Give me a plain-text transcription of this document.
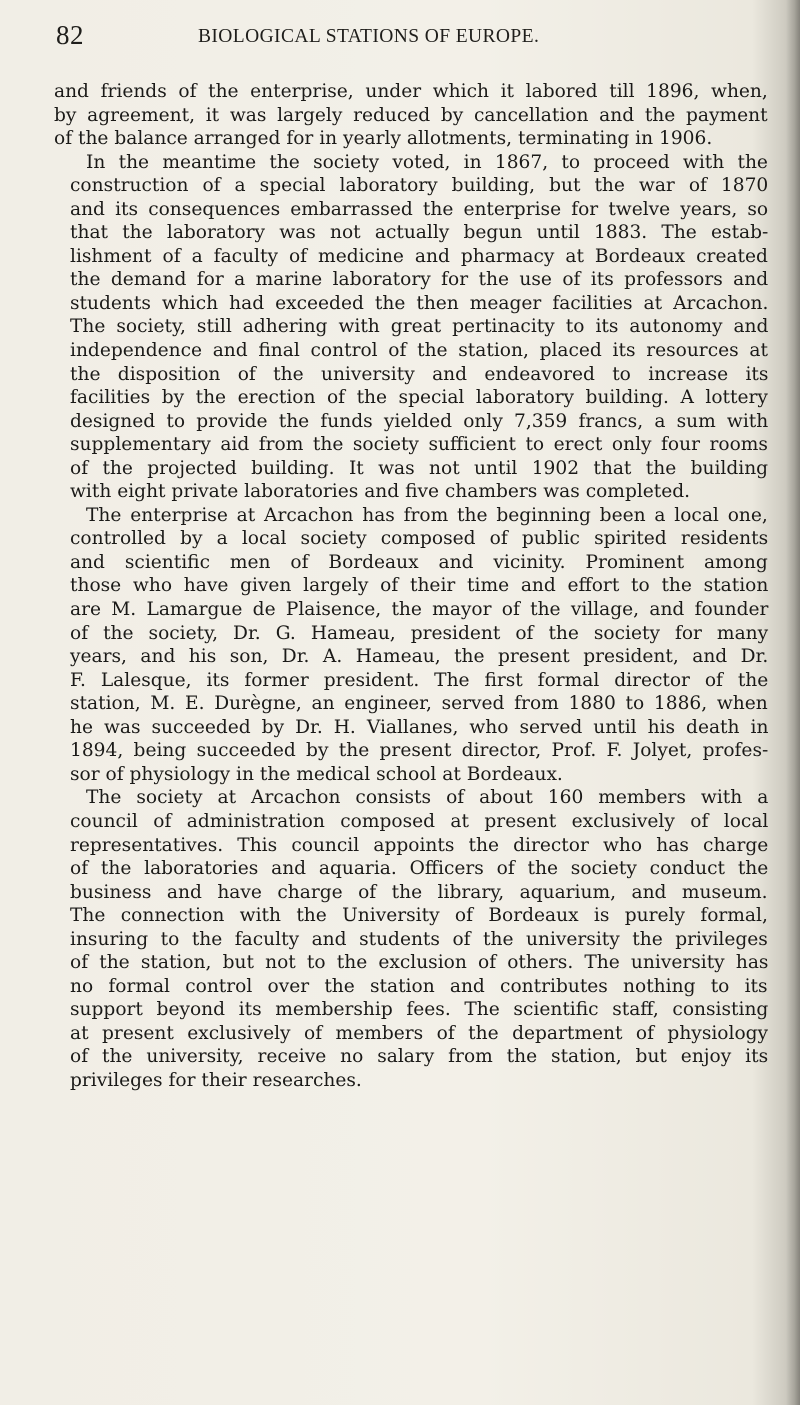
82	BIOLOGICAL STATIONS OF EUROPE.

and friends of the enterprise, under which it labored till 1896, when,
by agreement, it was largely reduced by cancellation and the payment
of the balance arranged for in yearly allotments, terminating in 1906.

In the meantime the society voted, in 1867, to proceed with the
construction of a special laboratory building, but the war of 1870
and its consequences embarrassed the enterprise for twelve years, so
that the laboratory was not actually begun until 1883. The estab-
lishment of a faculty of medicine and pharmacy at Bordeaux created
the demand for a marine laboratory for the use of its professors and
students which had exceeded the then meager facilities at Arcachon.
The society, still adhering with great pertinacity to its autonomy and
independence and final control of the station, placed its resources at
the disposition of the university and endeavored to increase its
facilities by the erection of the special laboratory building. A lottery
designed to provide the funds yielded only 7,359 francs, a sum with
supplementary aid from the society sufficient to erect only four rooms
of the projected building. It was not until 1902 that the building
with eight private laboratories and five chambers was completed.

The enterprise at Arcachon has from the beginning been a local one,
controlled by a local society composed of public spirited residents
and scientific men of Bordeaux and vicinity. Prominent among
those who have given largely of their time and effort to the station
are M. Lamargue de Plaisence, the mayor of the village, and founder
of the society, Dr. G. Hameau, president of the society for many
years, and his son, Dr. A. Hameau, the present president, and Dr.
F. Lalesque, its former president. The first formal director of the
station, M. E. Durègne, an engineer, served from 1880 to 1886, when
he was succeeded by Dr. H. Viallanes, who served until his death in
1894, being succeeded by the present director, Prof. F. Jolyet, profes-
sor of physiology in the medical school at Bordeaux.

The society at Arcachon consists of about 160 members with a
council of administration composed at present exclusively of local
representatives. This council appoints the director who has charge
of the laboratories and aquaria. Officers of the society conduct the
business and have charge of the library, aquarium, and museum.
The connection with the University of Bordeaux is purely formal,
insuring to the faculty and students of the university the privileges
of the station, but not to the exclusion of others. The university has
no formal control over the station and contributes nothing to its
support beyond its membership fees. The scientific staff, consisting
at present exclusively of members of the department of physiology
of the university, receive no salary from the station, but enjoy its
privileges for their researches.
